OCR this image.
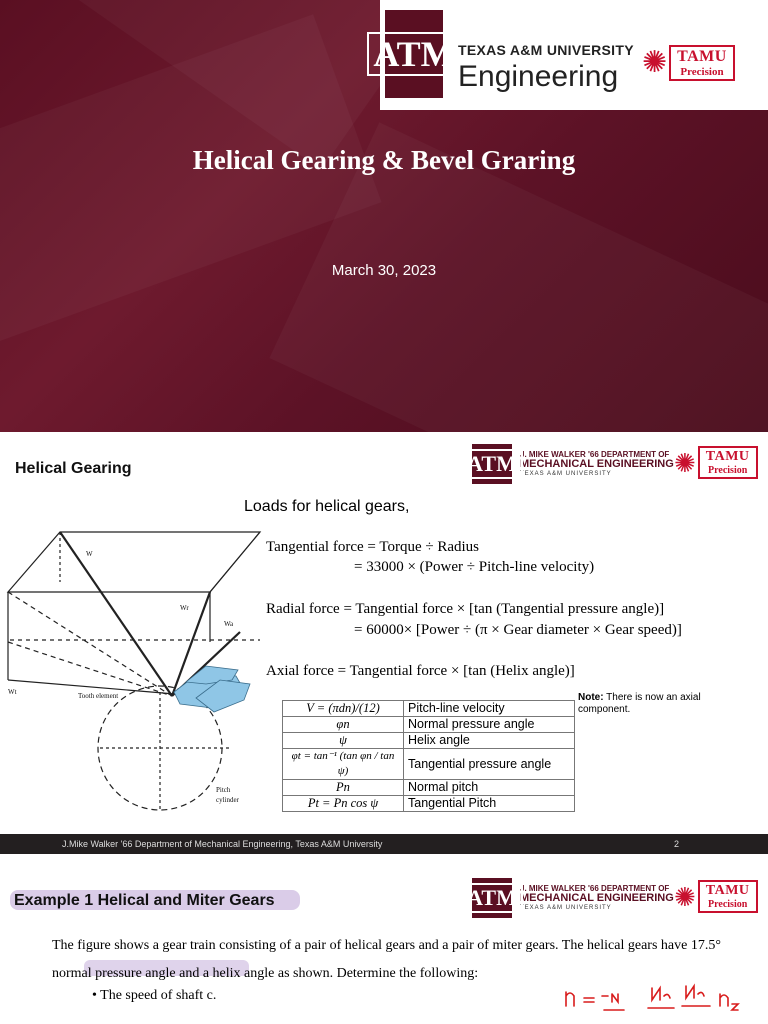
ATM TEXAS A&M UNIVERSITY
Engineering ✺ TAMU
Precision
Helical Gearing & Bevel Graring
March 30, 2023
Helical Gearing	ATM J. MIKE WALKER '66 DEPARTMENT OF
MECHANICAL ENGINEERING
TEXAS A&M UNIVERSITY	✺ TAMU
Precision
W
Wr
Wa
Wt	Tooth element
Pitch
cylinder
Loads for helical gears,
Tangential force = Torque ÷ Radius
= 33000 × (Power ÷ Pitch-line velocity)
Radial force = Tangential force × [tan (Tangential pressure angle)]
= 60000× [Power ÷ (π × Gear diameter × Gear speed)]
Axial force = Tangential force × [tan (Helix angle)]
V = (πdn)/(12)	Pitch-line velocity
φn	Normal pressure angle
ψ	Helix angle
φt = tan⁻¹ (tan φn / tan ψ)	Tangential pressure angle
Pn	Normal pitch
Pt = Pn cos ψ	Tangential Pitch
Note: There is now an axial component.
J.Mike Walker '66 Department of Mechanical Engineering, Texas A&M University	2
Example 1 Helical and Miter Gears	ATM J. MIKE WALKER '66 DEPARTMENT OF
MECHANICAL ENGINEERING
TEXAS A&M UNIVERSITY	✺ TAMU
Precision
The figure shows a gear train consisting of a pair of helical gears and a pair of miter gears. The helical gears have 17.5° normal pressure angle and a helix angle as shown. Determine the following:
• The speed of shaft c.
